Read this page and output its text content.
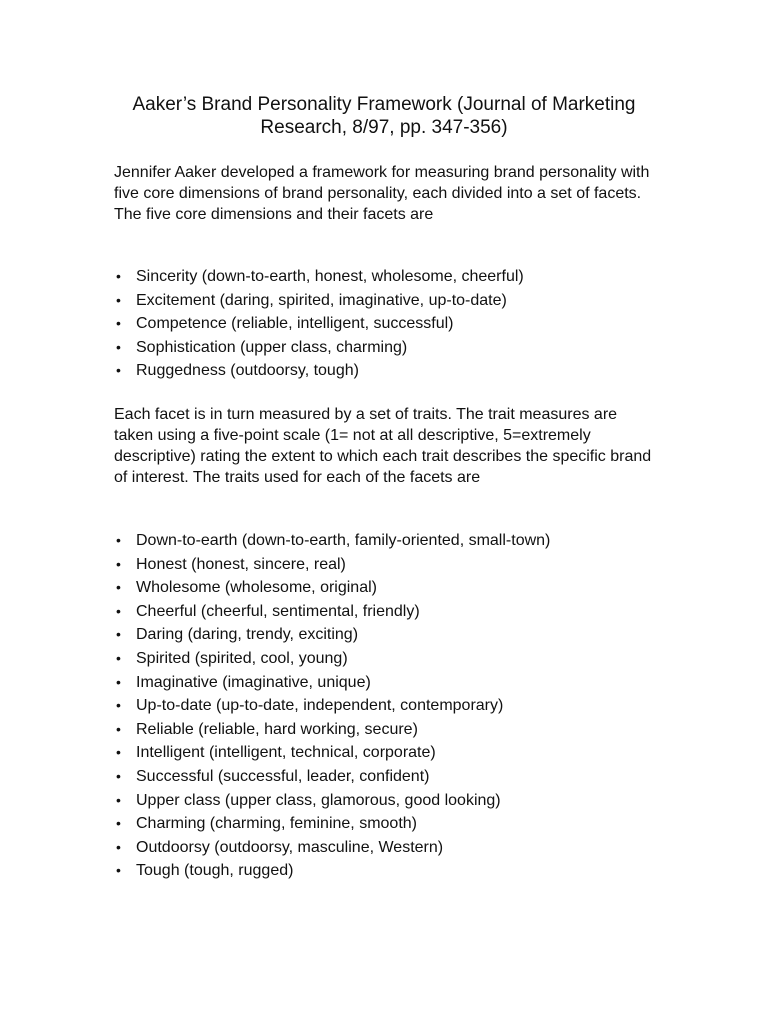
Aaker’s Brand Personality Framework (Journal of Marketing
Research, 8/97, pp. 347-356)

Jennifer Aaker developed a framework for measuring brand personality with five core dimensions of brand personality, each divided into a set of facets. The five core dimensions and their facets are

• Sincerity (down-to-earth, honest, wholesome, cheerful)
• Excitement (daring, spirited, imaginative, up-to-date)
• Competence (reliable, intelligent, successful)
• Sophistication (upper class, charming)
• Ruggedness (outdoorsy, tough)

Each facet is in turn measured by a set of traits. The trait measures are taken using a five-point scale (1= not at all descriptive, 5=extremely descriptive) rating the extent to which each trait describes the specific brand of interest. The traits used for each of the facets are

• Down-to-earth (down-to-earth, family-oriented, small-town)
• Honest (honest, sincere, real)
• Wholesome (wholesome, original)
• Cheerful (cheerful, sentimental, friendly)
• Daring (daring, trendy, exciting)
• Spirited (spirited, cool, young)
• Imaginative (imaginative, unique)
• Up-to-date (up-to-date, independent, contemporary)
• Reliable (reliable, hard working, secure)
• Intelligent (intelligent, technical, corporate)
• Successful (successful, leader, confident)
• Upper class (upper class, glamorous, good looking)
• Charming (charming, feminine, smooth)
• Outdoorsy (outdoorsy, masculine, Western)
• Tough (tough, rugged)
